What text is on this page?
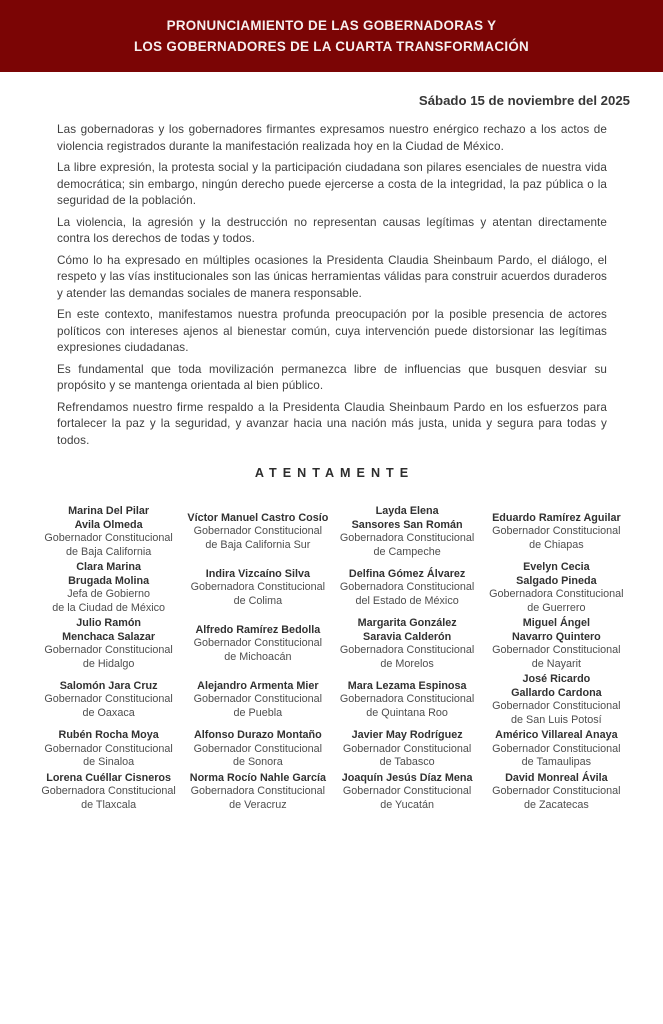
PRONUNCIAMIENTO DE LAS GOBERNADORAS Y
LOS GOBERNADORES DE LA CUARTA TRANSFORMACIÓN
Sábado 15 de noviembre del 2025

Las gobernadoras y los gobernadores firmantes expresamos nuestro enérgico rechazo a los actos de violencia registrados durante la manifestación realizada hoy en la Ciudad de México.

La libre expresión, la protesta social y la participación ciudadana son pilares esenciales de nuestra vida democrática; sin embargo, ningún derecho puede ejercerse a costa de la integridad, la paz pública o la seguridad de la población.

La violencia, la agresión y la destrucción no representan causas legítimas y atentan directamente contra los derechos de todas y todos.

Cómo lo ha expresado en múltiples ocasiones la Presidenta Claudia Sheinbaum Pardo, el diálogo, el respeto y las vías institucionales son las únicas herramientas válidas para construir acuerdos duraderos y atender las demandas sociales de manera responsable.

En este contexto, manifestamos nuestra profunda preocupación por la posible presencia de actores políticos con intereses ajenos al bienestar común, cuya intervención puede distorsionar las legítimas expresiones ciudadanas.

Es fundamental que toda movilización permanezca libre de influencias que busquen desviar su propósito y se mantenga orientada al bien público.

Refrendamos nuestro firme respaldo a la Presidenta Claudia Sheinbaum Pardo en los esfuerzos para fortalecer la paz y la seguridad, y avanzar hacia una nación más justa, unida y segura para todas y todos.

ATENTAMENTE
Marina Del Pilar
Avila Olmeda
Gobernador Constitucional
de Baja California
Víctor Manuel Castro Cosío
Gobernador Constitucional
de Baja California Sur
Layda Elena
Sansores San Román
Gobernadora Constitucional
de Campeche
Eduardo Ramírez Aguilar
Gobernador Constitucional
de Chiapas
Clara Marina
Brugada Molina
Jefa de Gobierno
de la Ciudad de México
Indira Vizcaíno Silva
Gobernadora Constitucional
de Colima
Delfina Gómez Álvarez
Gobernadora Constitucional
del Estado de México
Evelyn Cecia
Salgado Pineda
Gobernadora Constitucional
de Guerrero
Julio Ramón
Menchaca Salazar
Gobernador Constitucional
de Hidalgo
Alfredo Ramírez Bedolla
Gobernador Constitucional
de Michoacán
Margarita González
Saravia Calderón
Gobernadora Constitucional
de Morelos
Miguel Ángel
Navarro Quintero
Gobernador Constitucional
de Nayarit
Salomón Jara Cruz
Gobernador Constitucional
de Oaxaca
Alejandro Armenta Mier
Gobernador Constitucional
de Puebla
Mara Lezama Espinosa
Gobernadora Constitucional
de Quintana Roo
José Ricardo
Gallardo Cardona
Gobernador Constitucional
de San Luis Potosí
Rubén Rocha Moya
Gobernador Constitucional
de Sinaloa
Alfonso Durazo Montaño
Gobernador Constitucional
de Sonora
Javier May Rodríguez
Gobernador Constitucional
de Tabasco
Américo Villareal Anaya
Gobernador Constitucional
de Tamaulipas
Lorena Cuéllar Cisneros
Gobernadora Constitucional
de Tlaxcala
Norma Rocío Nahle García
Gobernadora Constitucional
de Veracruz
Joaquín Jesús Díaz Mena
Gobernador Constitucional
de Yucatán
David Monreal Ávila
Gobernador Constitucional
de Zacatecas
